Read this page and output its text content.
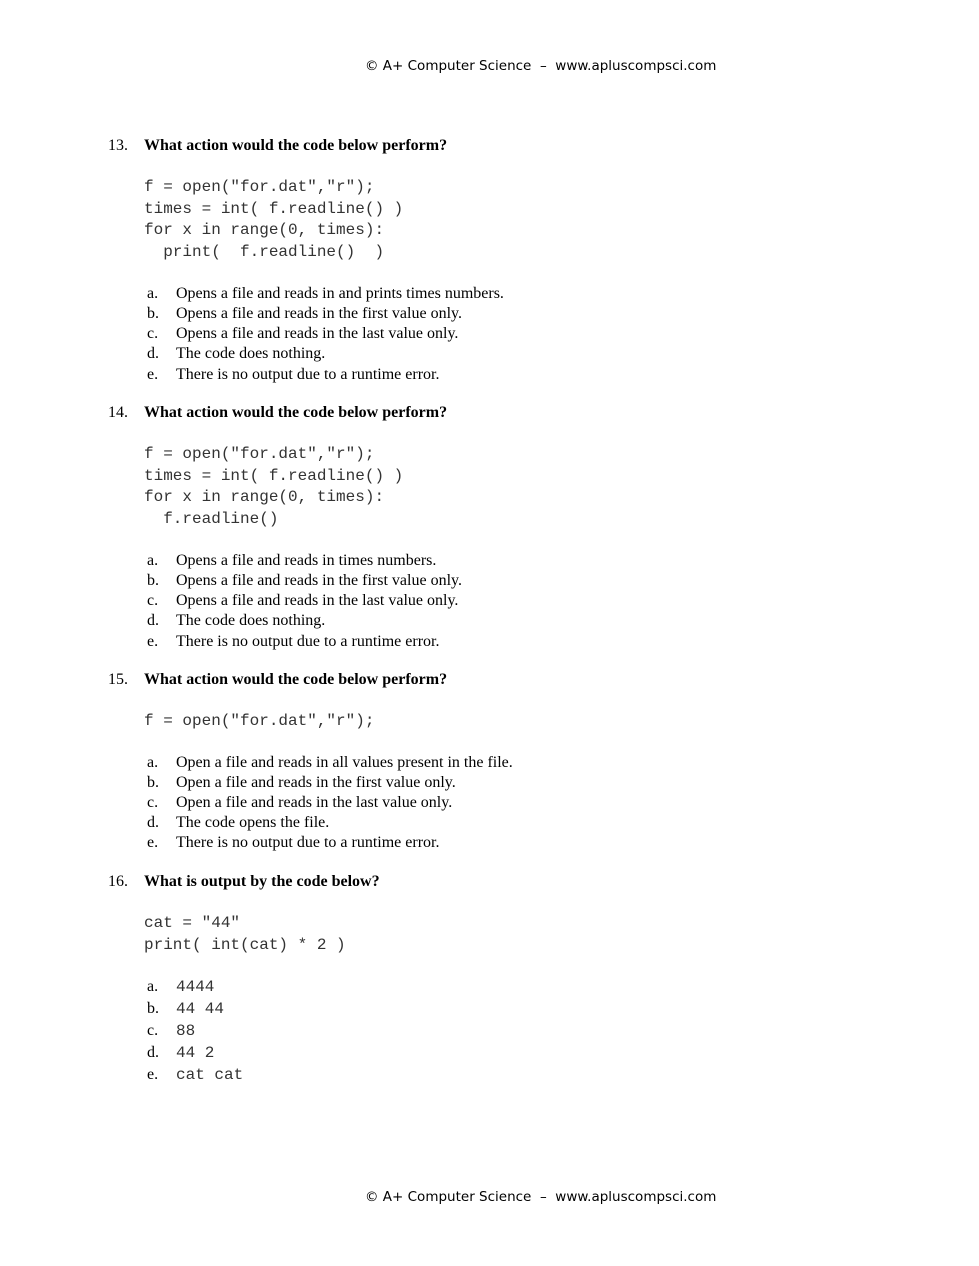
© A+ Computer Science  –  www.apluscompsci.com
13. What action would the code below perform?
f = open("for.dat","r");
times = int( f.readline() )
for x in range(0, times):
print(  f.readline()  )
a. Opens a file and reads in and prints times numbers.
b. Opens a file and reads in the first value only.
c. Opens a file and reads in the last value only.
d. The code does nothing.
e. There is no output due to a runtime error.
14. What action would the code below perform?
f = open("for.dat","r");
times = int( f.readline() )
for x in range(0, times):
f.readline()
a. Opens a file and reads in times numbers.
b. Opens a file and reads in the first value only.
c. Opens a file and reads in the last value only.
d. The code does nothing.
e. There is no output due to a runtime error.
15. What action would the code below perform?
f = open("for.dat","r");
a. Open a file and reads in all values present in the file.
b. Open a file and reads in the first value only.
c. Open a file and reads in the last value only.
d. The code opens the file.
e. There is no output due to a runtime error.
16. What is output by the code below?
cat = "44"
print( int(cat) * 2 )
a. 4444
b. 44 44
c. 88
d. 44 2
e. cat cat
© A+ Computer Science  –  www.apluscompsci.com
